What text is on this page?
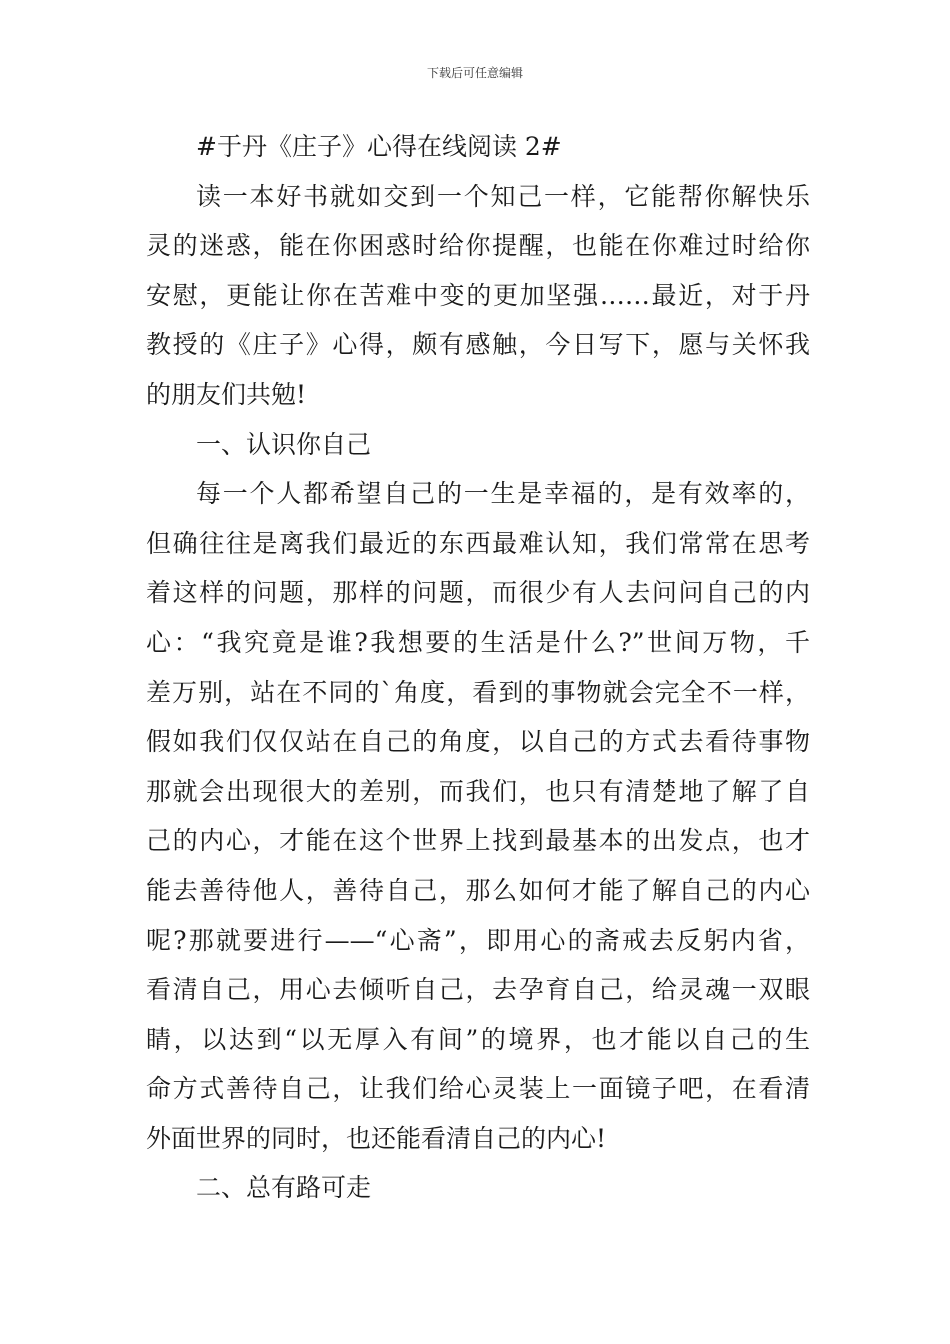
下载后可任意编辑
#于丹《庄子》心得在线阅读 2#
读一本好书就如交到一个知己一样，它能帮你解快乐
灵的迷惑，能在你困惑时给你提醒，也能在你难过时给你
安慰，更能让你在苦难中变的更加坚强……最近，对于丹
教授的《庄子》心得，颇有感触，今日写下，愿与关怀我
的朋友们共勉!
一、认识你自己
每一个人都希望自己的一生是幸福的，是有效率的，
但确往往是离我们最近的东西最难认知，我们常常在思考
着这样的问题，那样的问题，而很少有人去问问自己的内
心：“我究竟是谁?我想要的生活是什么?”世间万物，千
差万别，站在不同的`角度，看到的事物就会完全不一样，
假如我们仅仅站在自己的角度，以自己的方式去看待事物
那就会出现很大的差别，而我们，也只有清楚地了解了自
己的内心，才能在这个世界上找到最基本的出发点，也才
能去善待他人，善待自己，那么如何才能了解自己的内心
呢?那就要进行——“心斋”，即用心的斋戒去反躬内省，
看清自己，用心去倾听自己，去孕育自己，给灵魂一双眼
睛，以达到“以无厚入有间”的境界，也才能以自己的生
命方式善待自己，让我们给心灵装上一面镜子吧，在看清
外面世界的同时，也还能看清自己的内心!
二、总有路可走
